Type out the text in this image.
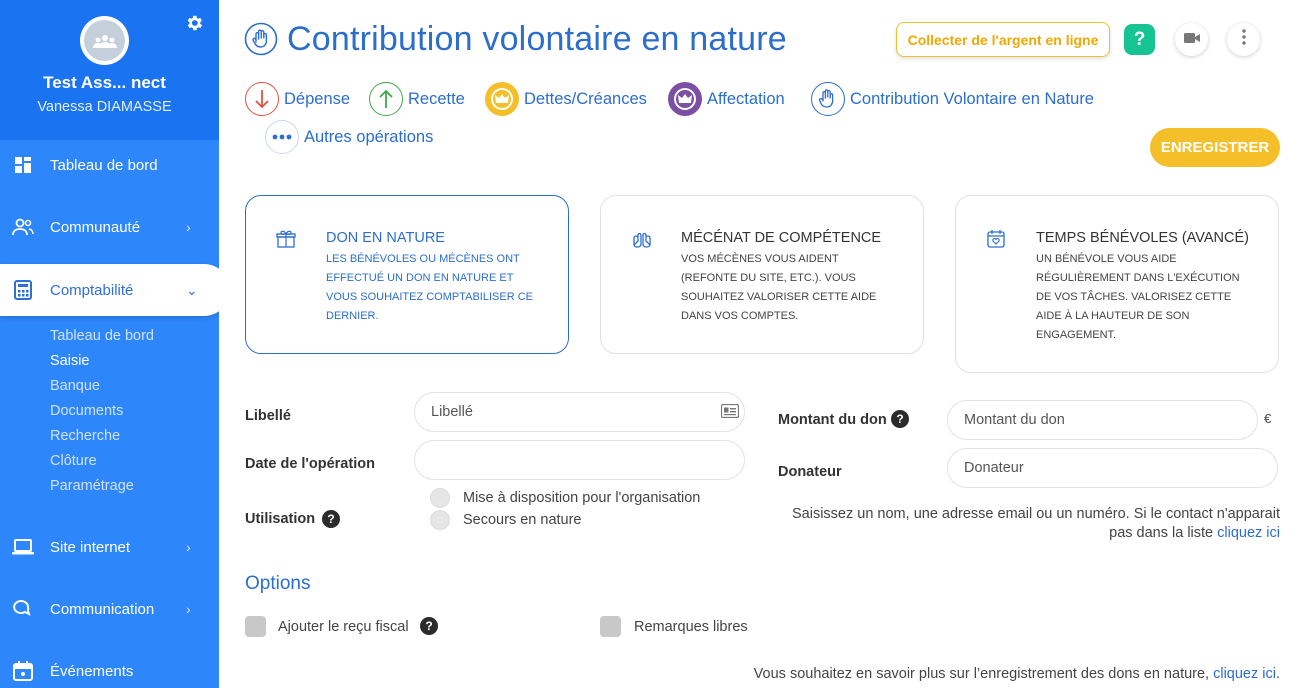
Test Ass... nect
Vanessa DIAMASSE
Tableau de bord
Communauté	›
Comptabilité	⌄
Tableau de bord
Saisie
Banque
Documents
Recherche
Clôture
Paramétrage
Site internet	›
Communication ›
Événements
Contribution volontaire en nature	Collecter de l'argent en ligne	?
Dépense	Recette	Dettes/Créances	Affectation	Contribution Volontaire en Nature
Autres opérations
ENREGISTRER
DON EN NATURE
LES BÉNÉVOLES OU MÉCÈNES ONT EFFECTUÉ UN DON EN NATURE ET VOUS SOUHAITEZ COMPTABILISER CE DERNIER.
MÉCÉNAT DE COMPÉTENCE
VOS MÉCÈNES VOUS AIDENT (REFONTE DU SITE, ETC.). VOUS SOUHAITEZ VALORISER CETTE AIDE DANS VOS COMPTES.
TEMPS BÉNÉVOLES (AVANCÉ)
UN BÉNÉVOLE VOUS AIDE RÉGULIÈREMENT DANS L'EXÉCUTION DE VOS TÂCHES. VALORISEZ CETTE AIDE À LA HAUTEUR DE SON ENGAGEMENT.
Libellé
Libellé
Date de l'opération
Utilisation	?
Mise à disposition pour l'organisation
Secours en nature
Montant du don ?
Montant du don	€
Donateur
Donateur
Saisissez un nom, une adresse email ou un numéro. Si le contact n'apparait pas dans la liste cliquez ici
Options
Ajouter le reçu fiscal	?	Remarques libres
Vous souhaitez en savoir plus sur l’enregistrement des dons en nature, cliquez ici.
